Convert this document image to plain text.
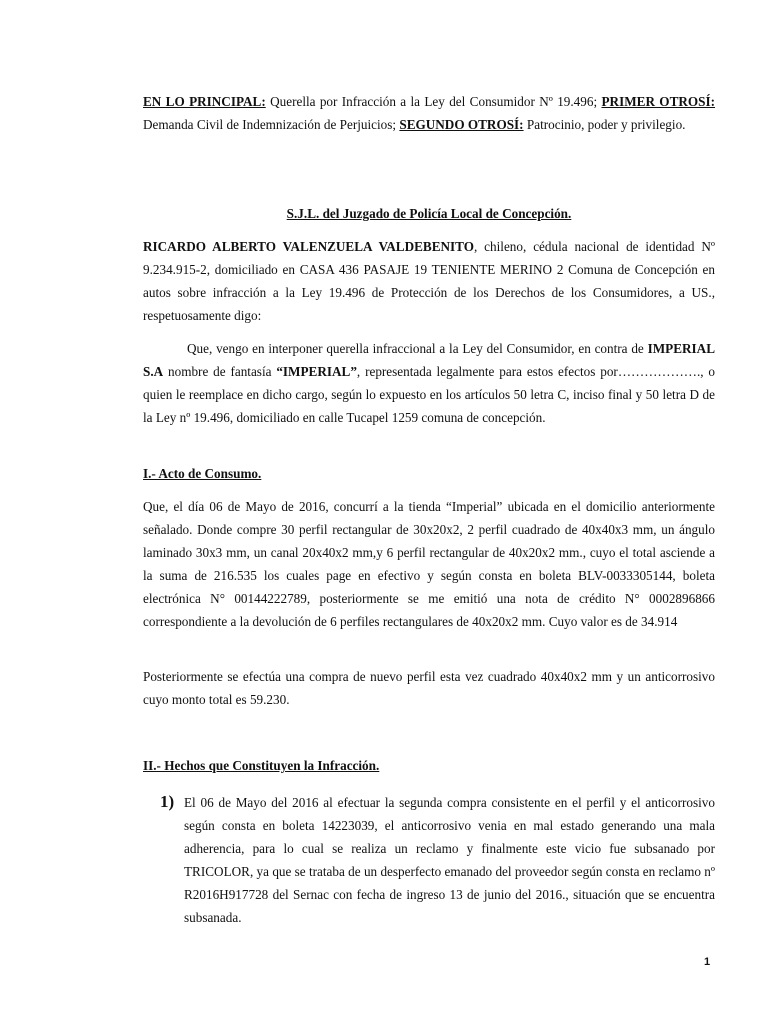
EN LO PRINCIPAL: Querella por Infracción a la Ley del Consumidor Nº 19.496; PRIMER OTROSÍ: Demanda Civil de Indemnización de Perjuicios; SEGUNDO OTROSÍ: Patrocinio, poder y privilegio.

S.J.L. del Juzgado de Policía Local de Concepción.

RICARDO ALBERTO VALENZUELA VALDEBENITO, chileno, cédula nacional de identidad Nº 9.234.915-2, domiciliado en CASA 436 PASAJE 19 TENIENTE MERINO 2 Comuna de Concepción en autos sobre infracción a la Ley 19.496 de Protección de los Derechos de los Consumidores, a US., respetuosamente digo:

Que, vengo en interponer querella infraccional a la Ley del Consumidor, en contra de IMPERIAL S.A nombre de fantasía “IMPERIAL”, representada legalmente para estos efectos por………………., o quien le reemplace en dicho cargo, según lo expuesto en los artículos 50 letra C, inciso final y 50 letra D de la Ley nº 19.496, domiciliado en calle Tucapel 1259 comuna de concepción.

I.- Acto de Consumo.

Que, el día 06 de Mayo de 2016, concurrí a la tienda “Imperial” ubicada en el domicilio anteriormente señalado. Donde compre 30 perfil rectangular de 30x20x2, 2 perfil cuadrado de 40x40x3 mm, un ángulo laminado 30x3 mm, un canal 20x40x2 mm,y 6 perfil rectangular de 40x20x2 mm., cuyo el total asciende a la suma de 216.535 los cuales page en efectivo y según consta en boleta BLV-0033305144, boleta electrónica N° 00144222789, posteriormente se me emitió una nota de crédito N° 0002896866 correspondiente a la devolución de 6 perfiles rectangulares de 40x20x2 mm. Cuyo valor es de 34.914

Posteriormente se efectúa una compra de nuevo perfil esta vez cuadrado 40x40x2 mm y un anticorrosivo cuyo monto total es 59.230.

II.- Hechos que Constituyen la Infracción.

1) El 06 de Mayo del 2016 al efectuar la segunda compra consistente en el perfil y el anticorrosivo según consta en boleta 14223039, el anticorrosivo venia en mal estado generando una mala adherencia, para lo cual se realiza un reclamo y finalmente este vicio fue subsanado por TRICOLOR, ya que se trataba de un desperfecto emanado del proveedor según consta en reclamo nº R2016H917728 del Sernac con fecha de ingreso 13 de junio del 2016., situación que se encuentra subsanada.

1
